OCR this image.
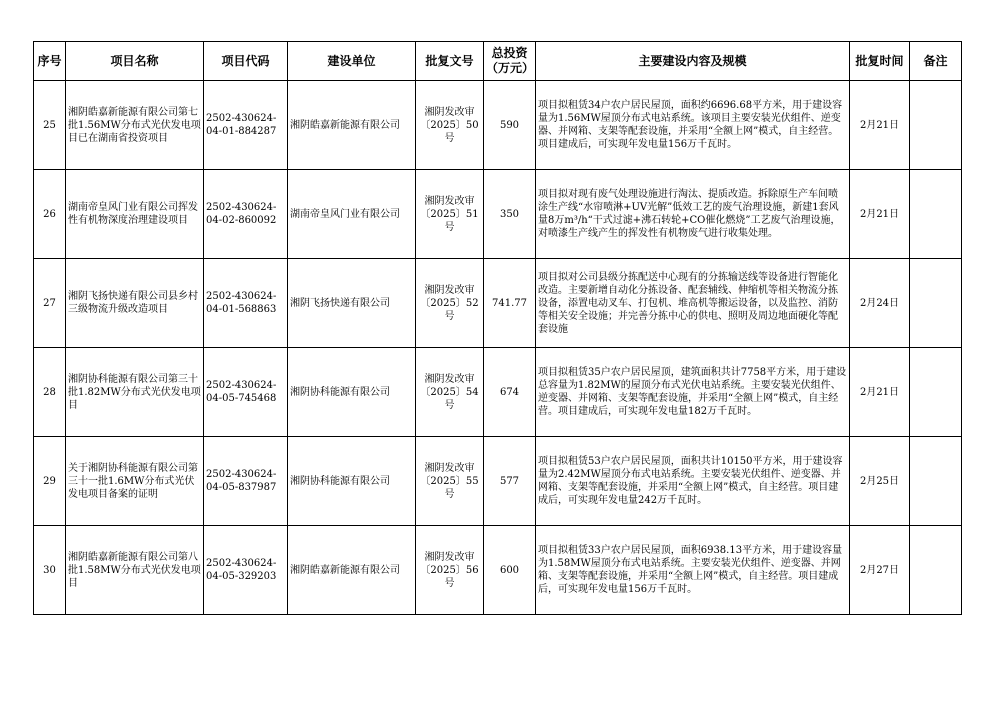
序号	项目名称	项目代码	建设单位	批复文号	总投资（万元）	主要建设内容及规模	批复时间	备注
25	湘阴皓嘉新能源有限公司第七批1.56MW分布式光伏发电项目已在湖南省投资项目	2502-430624-04-01-884287	湘阴皓嘉新能源有限公司	湘阴发改审〔2025〕50号	590	项目拟租赁34户农户居民屋顶，面积约6696.68平方米，用于建设容量为1.56MW屋顶分布式电站系统。该项目主要安装光伏组件、逆变器、并网箱、支架等配套设施，并采用“全额上网”模式，自主经营。项目建成后，可实现年发电量156万千瓦时。	2月21日	
26	湖南帝皇风门业有限公司挥发性有机物深度治理建设项目	2502-430624-04-02-860092	湖南帝皇风门业有限公司	湘阴发改审〔2025〕51号	350	项目拟对现有废气处理设施进行淘汰、提质改造。拆除原生产车间喷涂生产线“水帘喷淋+UV光解”低效工艺的废气治理设施，新建1套风量8万m³/h“干式过滤+沸石转轮+CO催化燃烧”工艺废气治理设施，对喷漆生产线产生的挥发性有机物废气进行收集处理。	2月21日	
27	湘阴飞扬快递有限公司县乡村三级物流升级改造项目	2502-430624-04-01-568863	湘阴飞扬快递有限公司	湘阴发改审〔2025〕52号	741.77	项目拟对公司县级分拣配送中心现有的分拣输送线等设备进行智能化改造。主要新增自动化分拣设备、配套辅线、伸缩机等相关物流分拣设备，添置电动叉车、打包机、堆高机等搬运设备，以及监控、消防等相关安全设施；并完善分拣中心的供电、照明及周边地面硬化等配套设施	2月24日	
28	湘阴协科能源有限公司第三十批1.82MW分布式光伏发电项目	2502-430624-04-05-745468	湘阴协科能源有限公司	湘阴发改审〔2025〕54号	674	项目拟租赁35户农户居民屋顶，建筑面积共计7758平方米，用于建设总容量为1.82MW的屋顶分布式光伏电站系统。主要安装光伏组件、逆变器、并网箱、支架等配套设施，并采用“全额上网”模式，自主经营。项目建成后，可实现年发电量182万千瓦时。	2月21日	
29	关于湘阴协科能源有限公司第三十一批1.6MW分布式光伏发电项目备案的证明	2502-430624-04-05-837987	湘阴协科能源有限公司	湘阴发改审〔2025〕55号	577	项目拟租赁53户农户居民屋顶，面积共计10150平方米，用于建设容量为2.42MW屋顶分布式电站系统。主要安装光伏组件、逆变器、并网箱、支架等配套设施，并采用“全额上网”模式，自主经营。项目建成后，可实现年发电量242万千瓦时。	2月25日	
30	湘阴皓嘉新能源有限公司第八批1.58MW分布式光伏发电项目	2502-430624-04-05-329203	湘阴皓嘉新能源有限公司	湘阴发改审〔2025〕56号	600	项目拟租赁33户农户居民屋顶，面积6938.13平方米，用于建设容量为1.58MW屋顶分布式电站系统。主要安装光伏组件、逆变器、并网箱、支架等配套设施，并采用“全额上网”模式，自主经营。项目建成后，可实现年发电量156万千瓦时。	2月27日	
